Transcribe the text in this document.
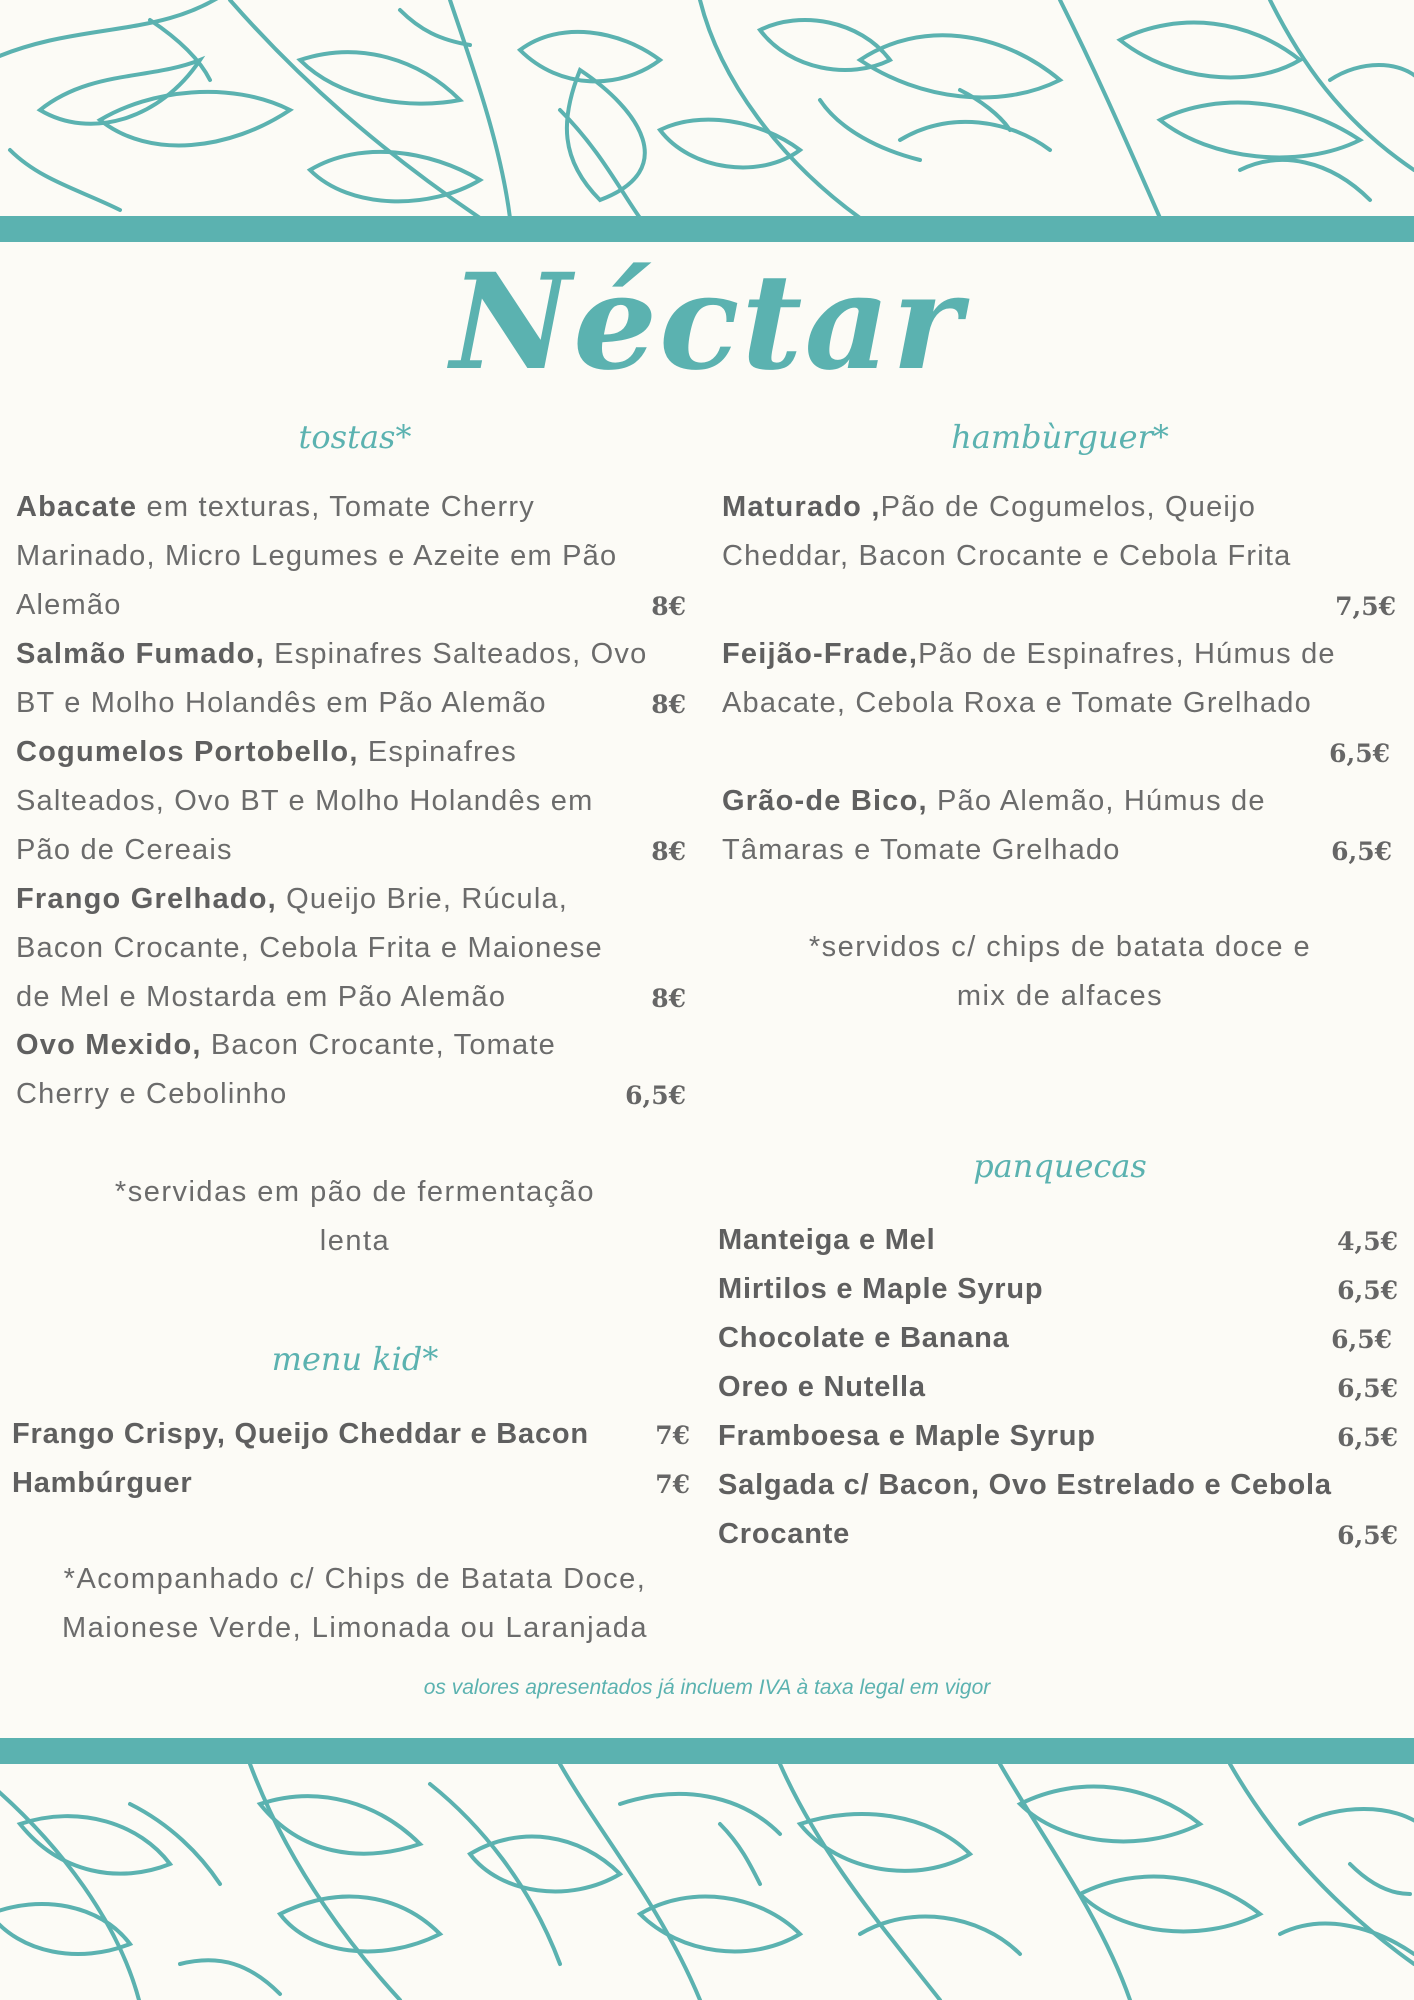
Néctar
tostas*
Abacate em texturas, Tomate Cherry
Marinado, Micro Legumes e Azeite em Pão
Alemão	8€
Salmão Fumado, Espinafres Salteados, Ovo
BT e Molho Holandês em Pão Alemão	8€
Cogumelos Portobello, Espinafres
Salteados, Ovo BT e Molho Holandês em
Pão de Cereais	8€
Frango Grelhado, Queijo Brie, Rúcula,
Bacon Crocante, Cebola Frita e Maionese
de Mel e Mostarda em Pão Alemão	8€
Ovo Mexido, Bacon Crocante, Tomate
Cherry e Cebolinho	6,5€
*servidas em pão de fermentação
lenta
menu kid*
Frango Crispy, Queijo Cheddar e Bacon	7€
Hambúrguer	7€
*Acompanhado c/ Chips de Batata Doce,
Maionese Verde, Limonada ou Laranjada
hambùrguer*
Maturado ,Pão de Cogumelos, Queijo
Cheddar, Bacon Crocante e Cebola Frita
7,5€
Feijão-Frade,Pão de Espinafres, Húmus de
Abacate, Cebola Roxa e Tomate Grelhado
6,5€
Grão-de Bico, Pão Alemão, Húmus de
Tâmaras e Tomate Grelhado	6,5€
*servidos c/ chips de batata doce e
mix de alfaces
panquecas
Manteiga e Mel	4,5€
Mirtilos e Maple Syrup	6,5€
Chocolate e Banana	6,5€
Oreo e Nutella	6,5€
Framboesa e Maple Syrup	6,5€
Salgada c/ Bacon, Ovo Estrelado e Cebola
Crocante	6,5€
os valores apresentados já incluem IVA à taxa legal em vigor
